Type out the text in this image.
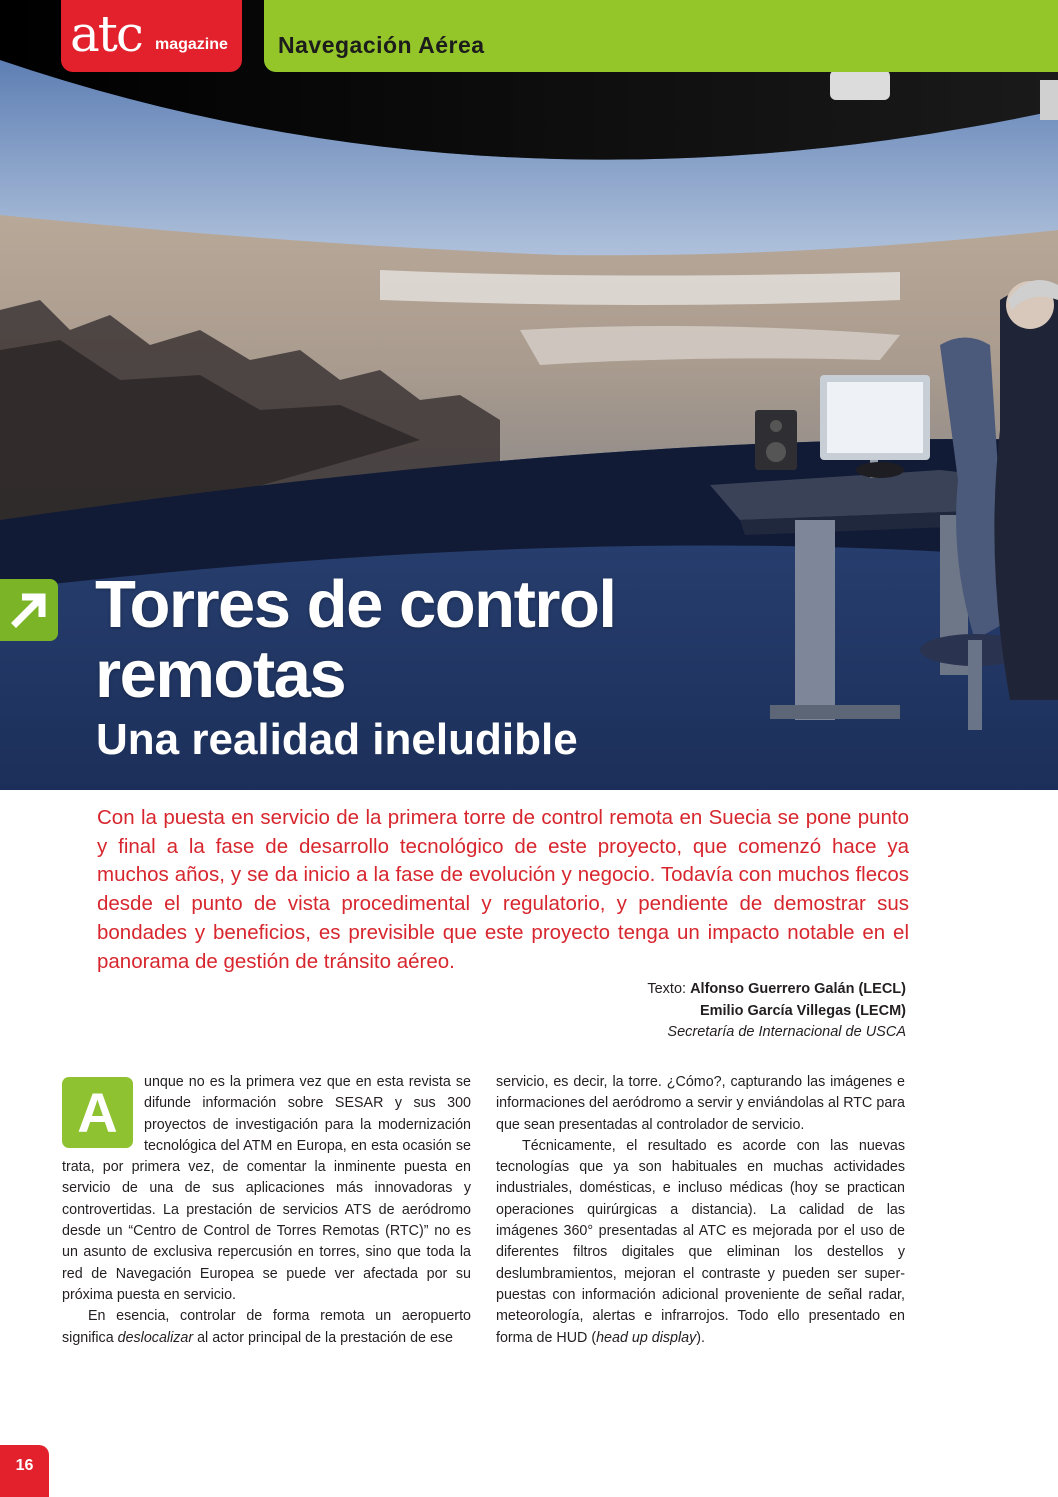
atc magazine Navegación Aérea
Torres de control
remotas
Una realidad ineludible

Con la puesta en servicio de la primera torre de control remota en Suecia se pone punto y final a la fase de desarrollo tecnológico de este proyecto, que comenzó hace ya muchos años, y se da inicio a la fase de evolución y negocio. Todavía con muchos flecos desde el punto de vista procedimental y regulatorio, y pendiente de demostrar sus bondades y beneficios, es previsible que este proyecto tenga un impacto notable en el panorama de gestión de tránsito aéreo.

Texto: Alfonso Guerrero Galán (LECL)
Emilio García Villegas (LECM)
Secretaría de Internacional de USCA
A	unque no es la primera vez que en esta revista se difunde información sobre SESAR y sus 300 proyectos de investigación para la modernización tecnológica del ATM en Europa, en esta ocasión se trata, por primera vez, de comentar la inminente puesta en servicio de una de sus aplicaciones más innovadoras y controvertidas. La prestación de servicios ATS de aeródromo desde un “Centro de Control de Torres Remotas (RTC)” no es un asunto de exclusiva repercusión en torres, sino que toda la red de Navegación Europea se puede ver afectada por su próxima puesta en servicio.

En esencia, controlar de forma remota un aeropuerto significa deslocalizar al actor principal de la prestación de ese

servicio, es decir, la torre. ¿Cómo?, capturando las imágenes e informaciones del aeródromo a servir y enviándolas al RTC para que sean presentadas al controlador de servicio.

Técnicamente, el resultado es acorde con las nuevas tecnologías que ya son habituales en muchas actividades industriales, domésticas, e incluso médicas (hoy se practican operaciones quirúrgicas a distancia). La calidad de las imágenes 360° presentadas al ATC es mejorada por el uso de diferentes filtros digitales que eliminan los destellos y deslumbramientos, mejoran el contraste y pueden ser superpuestas con información adicional proveniente de señal radar, meteorología, alertas e infrarrojos. Todo ello presentado en forma de HUD (head up display).

16
